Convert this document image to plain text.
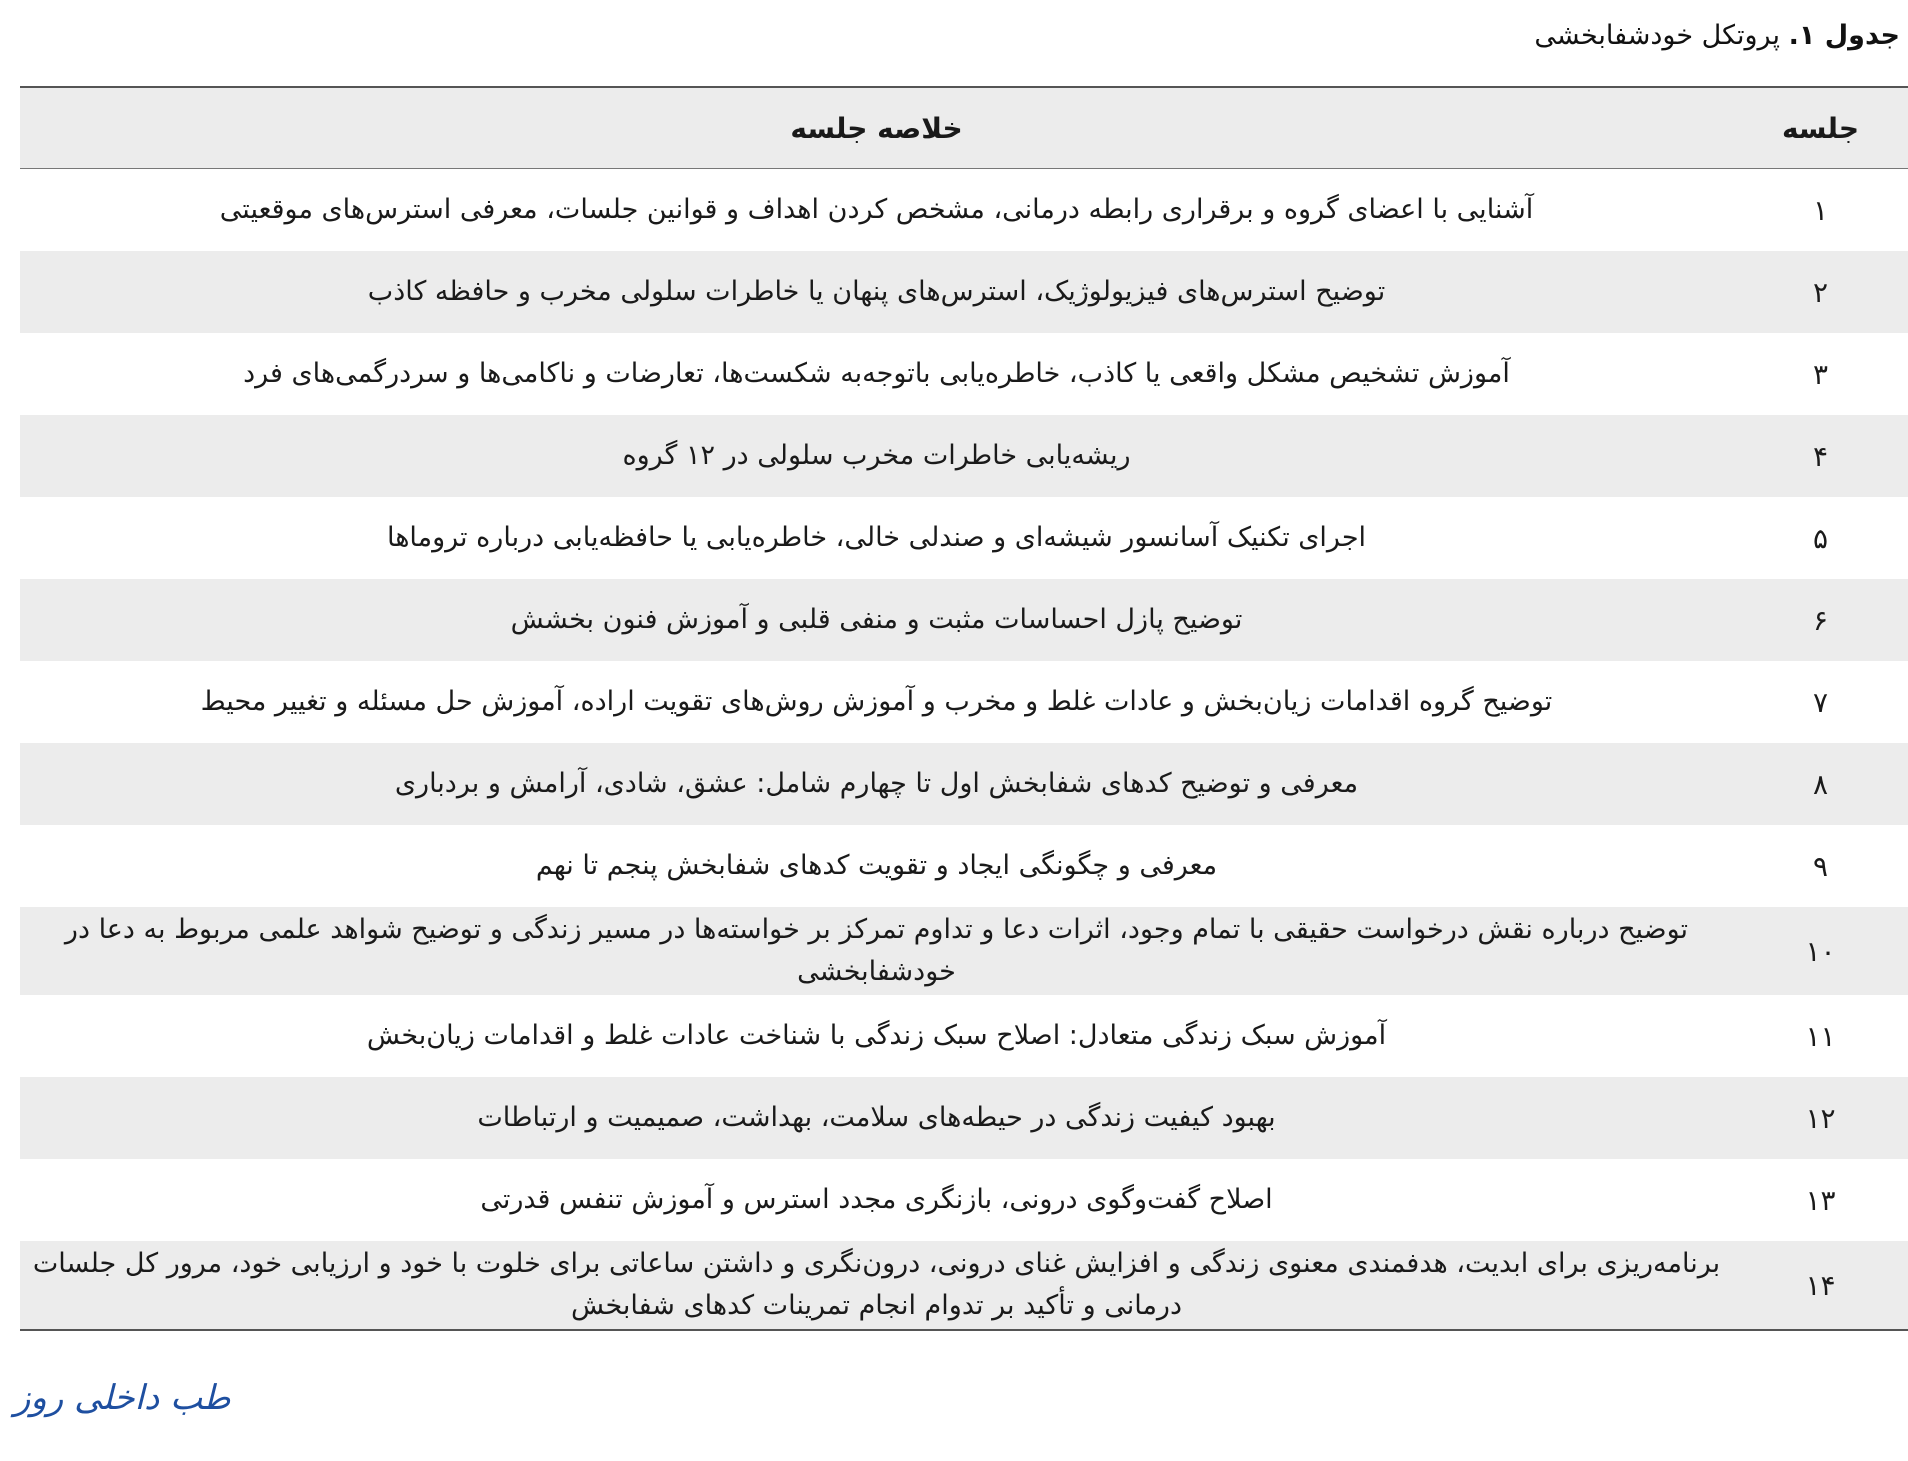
جدول ۱. پروتکل خودشفابخشی
جلسه
خلاصه جلسه
۱
آشنایی با اعضای گروه و برقراری رابطه درمانی، مشخص کردن اهداف و قوانین جلسات، معرفی استرس‌های موقعیتی
۲
توضیح استرس‌های فیزیولوژیک، استرس‌های پنهان یا خاطرات سلولی مخرب و حافظه کاذب
۳
آموزش تشخیص مشکل واقعی یا کاذب، خاطره‌یابی باتوجه‌به شکست‌ها، تعارضات و ناکامی‌ها و سردرگمی‌های فرد
۴
ریشه‌یابی خاطرات مخرب سلولی در ۱۲ گروه
۵
اجرای تکنیک آسانسور شیشه‌ای و صندلی خالی، خاطره‌یابی یا حافظه‌یابی درباره تروماها
۶
توضیح پازل احساسات مثبت و منفی قلبی و آموزش فنون بخشش
۷
توضیح گروه اقدامات زیان‌بخش و عادات غلط و مخرب و آموزش روش‌های تقویت اراده، آموزش حل مسئله و تغییر محیط
۸
معرفی و توضیح کدهای شفابخش اول تا چهارم شامل: عشق، شادی، آرامش و بردباری
۹
معرفی و چگونگی ایجاد و تقویت کدهای شفابخش پنجم تا نهم
۱۰
توضیح درباره نقش درخواست حقیقی با تمام وجود، اثرات دعا و تداوم تمرکز بر خواسته‌ها در مسیر زندگی و توضیح شواهد علمی مربوط به دعا در خودشفابخشی
۱۱
آموزش سبک زندگی متعادل: اصلاح سبک زندگی با شناخت عادات غلط و اقدامات زیان‌بخش
۱۲
بهبود کیفیت زندگی در حیطه‌های سلامت، بهداشت، صمیمیت و ارتباطات
۱۳
اصلاح گفت‌وگوی درونی، بازنگری مجدد استرس و آموزش تنفس قدرتی
۱۴
برنامه‌ریزی برای ابدیت، هدفمندی معنوی زندگی و افزایش غنای درونی، درون‌نگری و داشتن ساعاتی برای خلوت با خود و ارزیابی خود، مرور کل جلسات درمانی و تأکید بر تدوام انجام تمرینات کدهای شفابخش
طب داخلی روز
